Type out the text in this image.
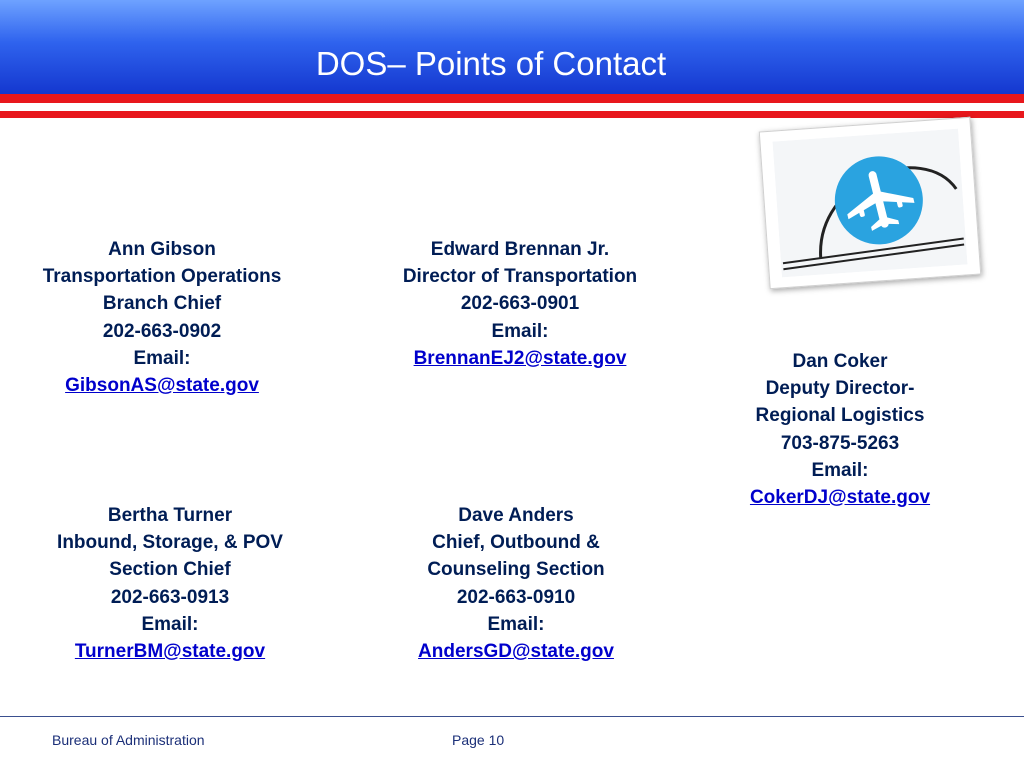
DOS– Points of Contact
Ann Gibson
Transportation Operations
Branch Chief
202-663-0902
Email:
GibsonAS@state.gov
Edward Brennan Jr.
Director of Transportation
202-663-0901
Email:
BrennanEJ2@state.gov	Dan Coker
Deputy Director-
Regional Logistics
703-875-5263
Email:
CokerDJ@state.gov
Bertha Turner
Inbound, Storage, & POV
Section Chief
202-663-0913
Email:
TurnerBM@state.gov
Dave Anders
Chief, Outbound &
Counseling Section
202-663-0910
Email:
AndersGD@state.gov
Bureau of Administration	Page 10
